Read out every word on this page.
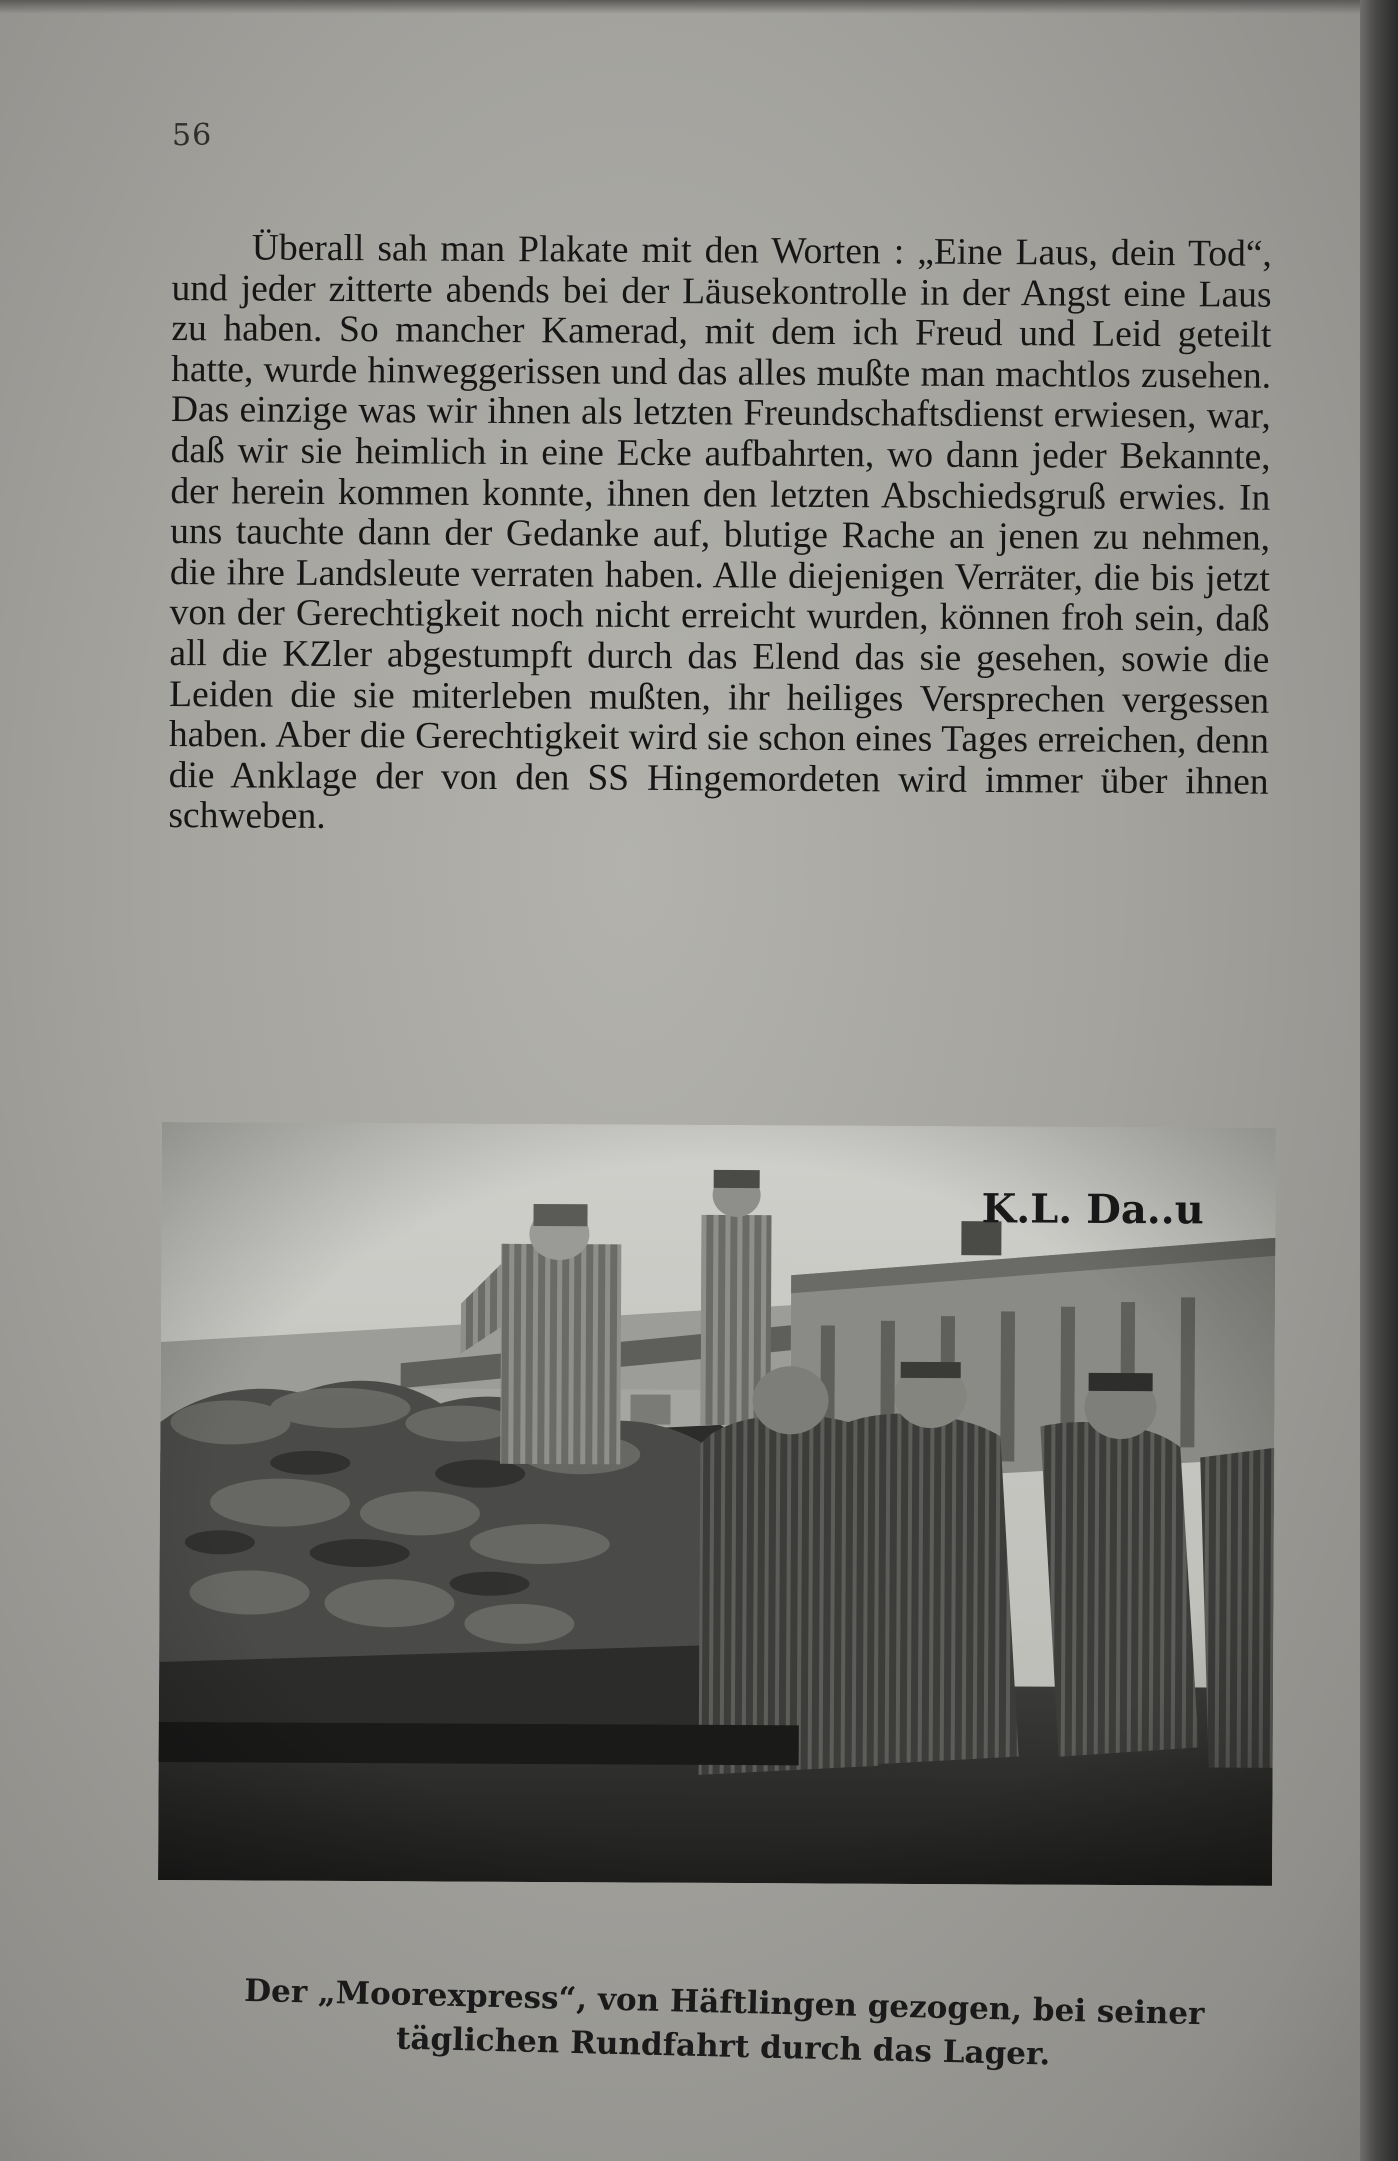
56

Überall sah man Plakate mit den Worten : „Eine Laus, dein Tod“, und jeder zitterte abends bei der Läusekontrolle in der Angst eine Laus zu haben. So mancher Kamerad, mit dem ich Freud und Leid geteilt hatte, wurde hinweggerissen und das alles mußte man machtlos zusehen. Das einzige was wir ihnen als letzten Freundschaftsdienst erwiesen, war, daß wir sie heimlich in eine Ecke aufbahrten, wo dann jeder Bekannte, der herein kommen konnte, ihnen den letzten Abschiedsgruß erwies. In uns tauchte dann der Gedanke auf, blutige Rache an jenen zu nehmen, die ihre Landsleute verraten haben. Alle diejenigen Verräter, die bis jetzt von der Gerechtigkeit noch nicht erreicht wurden, können froh sein, daß all die KZler abgestumpft durch das Elend das sie gesehen, sowie die Leiden die sie miterleben mußten, ihr heiliges Versprechen vergessen haben. Aber die Gerechtigkeit wird sie schon eines Tages erreichen, denn die Anklage der von den SS Hingemordeten wird immer über ihnen schweben.

Der „Moorexpress“, von Häftlingen gezogen, bei seiner
täglichen Rundfahrt durch das Lager.
